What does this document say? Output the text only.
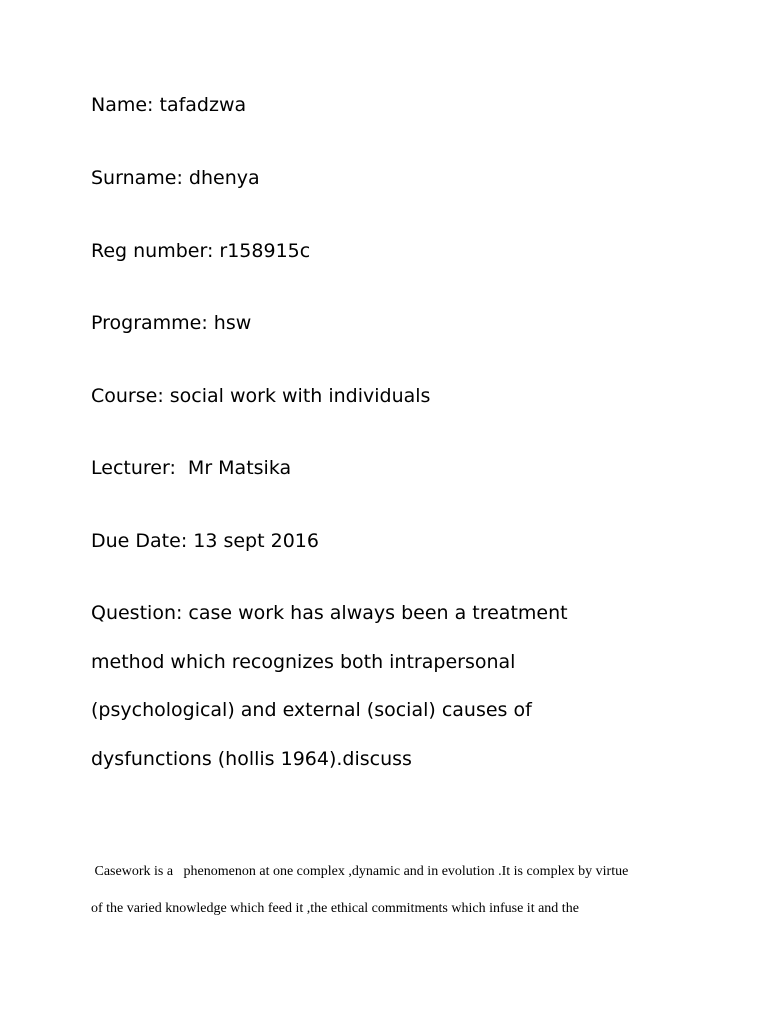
Name: tafadzwa
Surname: dhenya
Reg number: r158915c
Programme: hsw
Course: social work with individuals
Lecturer:  Mr Matsika
Due Date: 13 sept 2016
Question: case work has always been a treatment
method which recognizes both intrapersonal
(psychological) and external (social) causes of
dysfunctions (hollis 1964).discuss
Casework is a   phenomenon at one complex ,dynamic and in evolution .It is complex by virtue
of the varied knowledge which feed it ,the ethical commitments which infuse it and the
